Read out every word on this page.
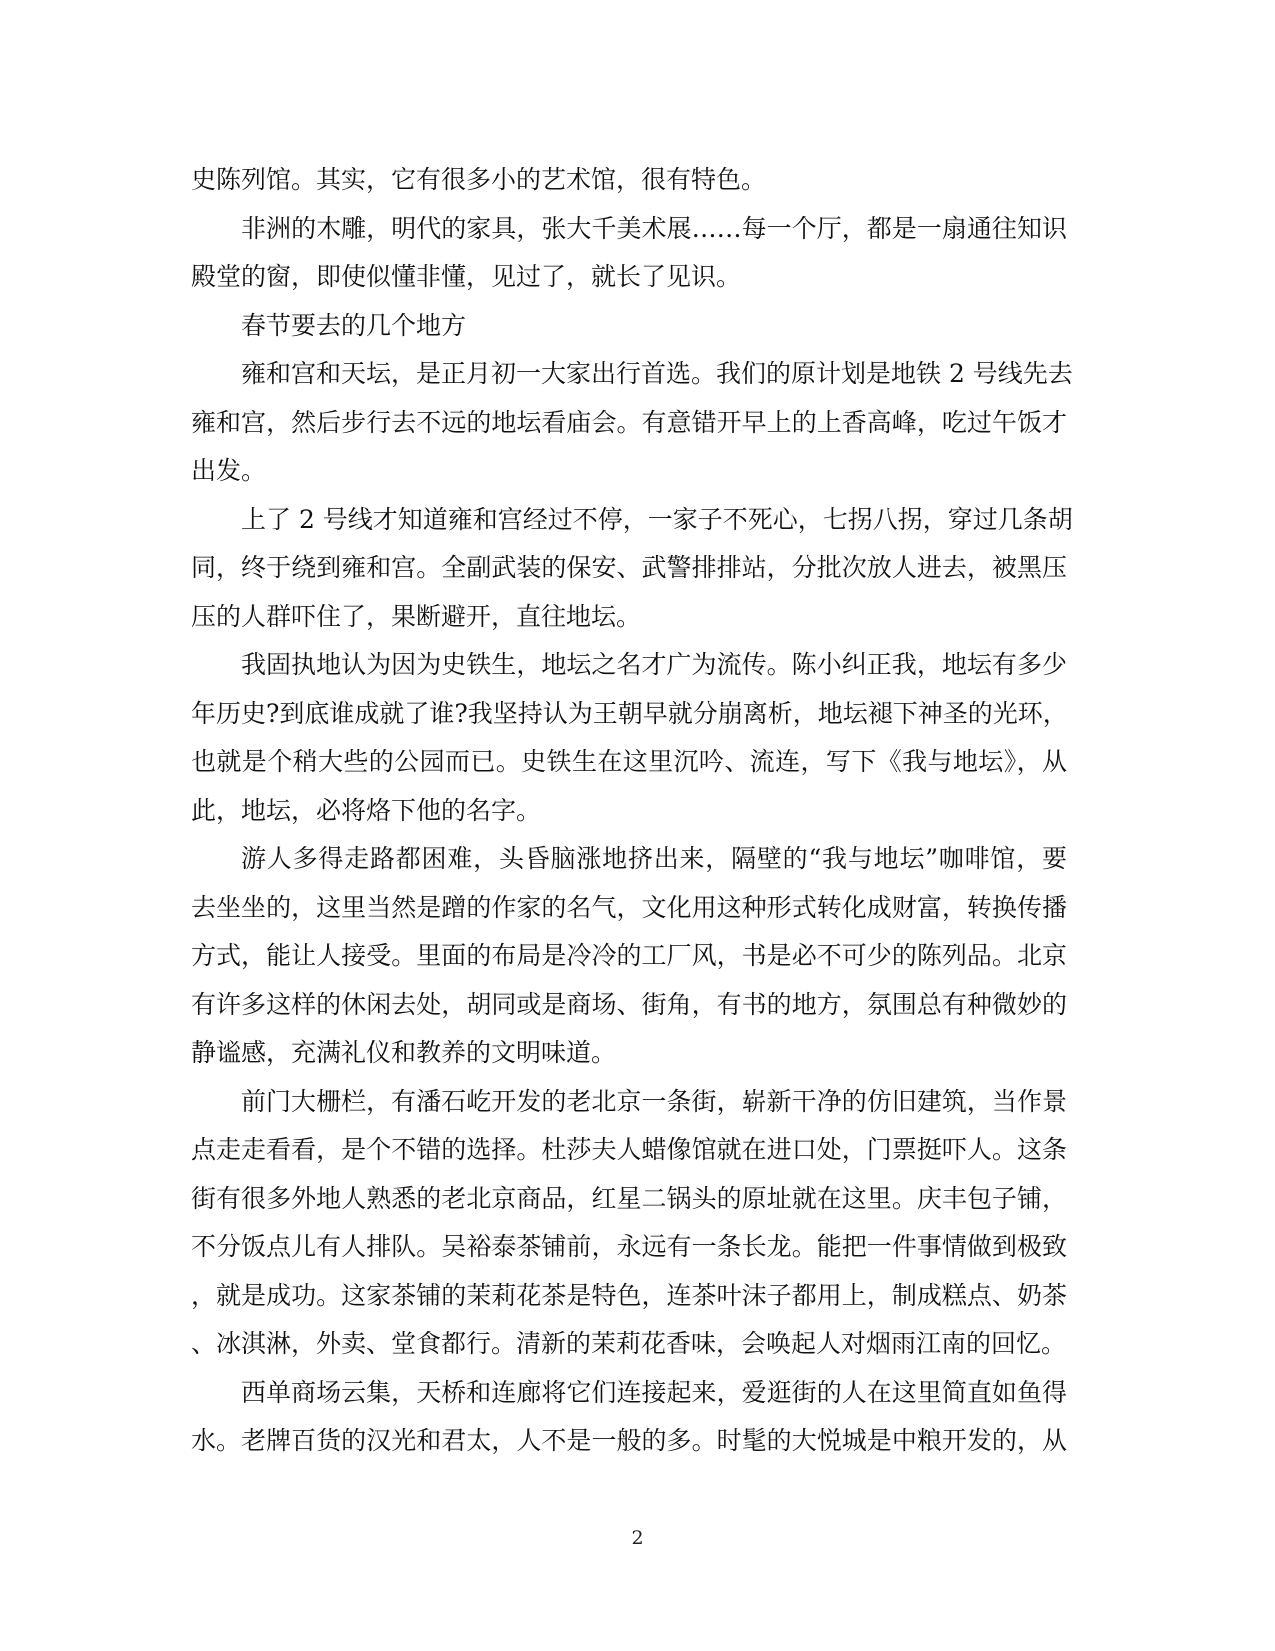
史陈列馆。其实，它有很多小的艺术馆，很有特色。
非洲的木雕，明代的家具，张大千美术展……每一个厅，都是一扇通往知识
殿堂的窗，即使似懂非懂，见过了，就长了见识。
春节要去的几个地方
雍和宫和天坛，是正月初一大家出行首选。我们的原计划是地铁 2 号线先去
雍和宫，然后步行去不远的地坛看庙会。有意错开早上的上香高峰，吃过午饭才
出发。
上了 2 号线才知道雍和宫经过不停，一家子不死心，七拐八拐，穿过几条胡
同，终于绕到雍和宫。全副武装的保安、武警排排站，分批次放人进去，被黑压
压的人群吓住了，果断避开，直往地坛。
我固执地认为因为史铁生，地坛之名才广为流传。陈小纠正我，地坛有多少
年历史?到底谁成就了谁?我坚持认为王朝早就分崩离析，地坛褪下神圣的光环，
也就是个稍大些的公园而已。史铁生在这里沉吟、流连，写下《我与地坛》，从
此，地坛，必将烙下他的名字。
游人多得走路都困难，头昏脑涨地挤出来，隔壁的“我与地坛”咖啡馆，要
去坐坐的，这里当然是蹭的作家的名气，文化用这种形式转化成财富，转换传播
方式，能让人接受。里面的布局是冷冷的工厂风，书是必不可少的陈列品。北京
有许多这样的休闲去处，胡同或是商场、街角，有书的地方，氛围总有种微妙的
静谧感，充满礼仪和教养的文明味道。
前门大栅栏，有潘石屹开发的老北京一条街，崭新干净的仿旧建筑，当作景
点走走看看，是个不错的选择。杜莎夫人蜡像馆就在进口处，门票挺吓人。这条
街有很多外地人熟悉的老北京商品，红星二锅头的原址就在这里。庆丰包子铺，
不分饭点儿有人排队。吴裕泰茶铺前，永远有一条长龙。能把一件事情做到极致
，就是成功。这家茶铺的茉莉花茶是特色，连茶叶沫子都用上，制成糕点、奶茶
、冰淇淋，外卖、堂食都行。清新的茉莉花香味，会唤起人对烟雨江南的回忆。
西单商场云集，天桥和连廊将它们连接起来，爱逛街的人在这里简直如鱼得
水。老牌百货的汉光和君太，人不是一般的多。时髦的大悦城是中粮开发的，从
2
